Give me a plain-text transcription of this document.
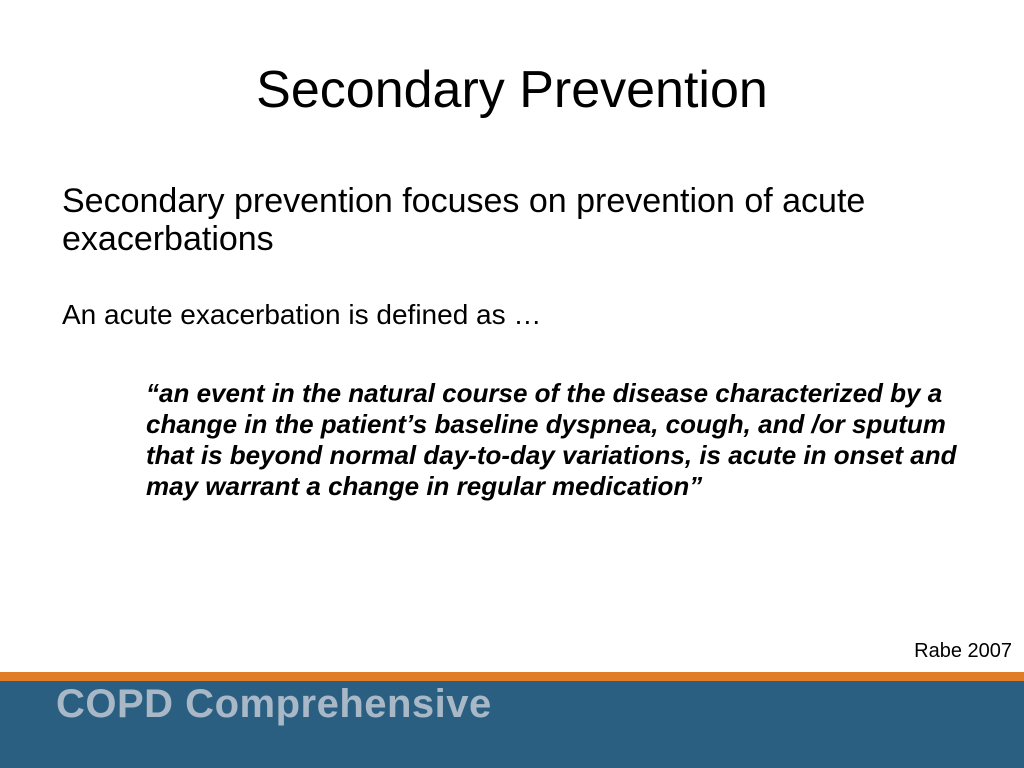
Secondary Prevention

Secondary prevention focuses on prevention of acute exacerbations

An acute exacerbation is defined as …

“an event in the natural course of the disease characterized by a change in the patient’s baseline dyspnea, cough, and /or sputum that is beyond normal day-to-day variations, is acute in onset and may warrant a change in regular medication”

Rabe 2007

COPD Comprehensive
